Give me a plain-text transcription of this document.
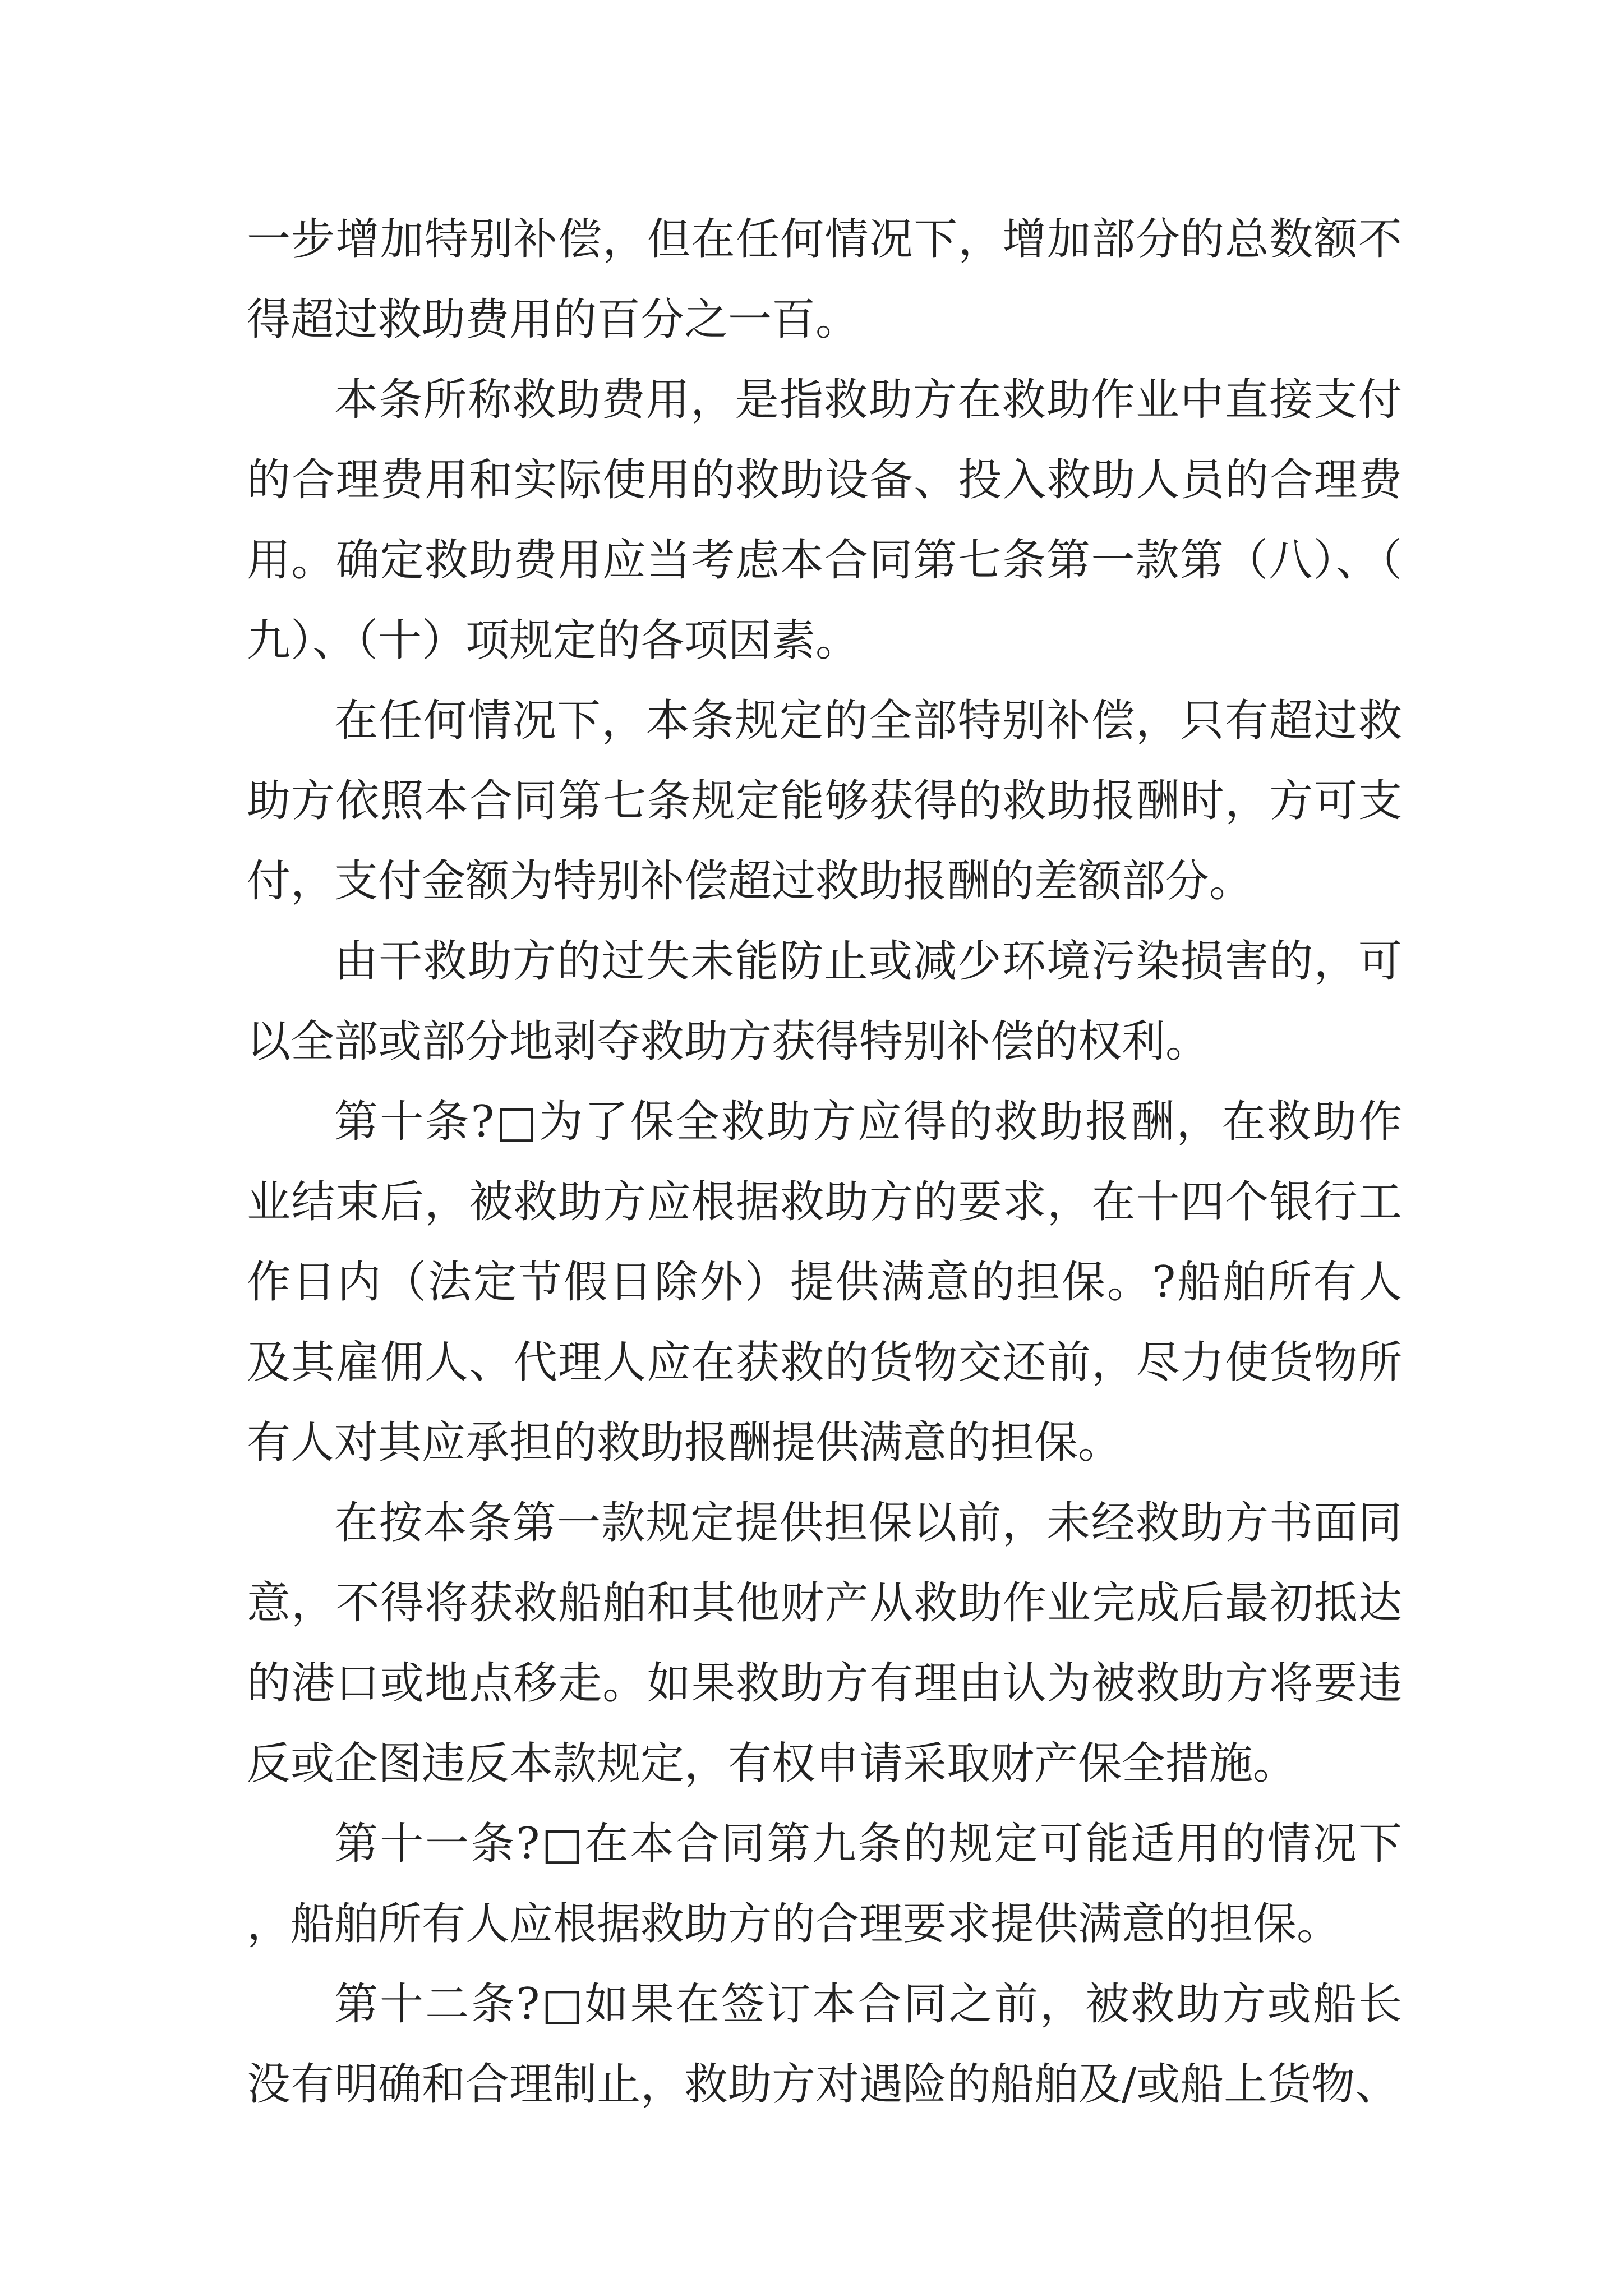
一步增加特别补偿，但在任何情况下，增加部分的总数额不得超过救助费用的百分之一百。

本条所称救助费用，是指救助方在救助作业中直接支付的合理费用和实际使用的救助设备、投入救助人员的合理费用。确定救助费用应当考虑本合同第七条第一款第（八）、（九）、（十）项规定的各项因素。

在任何情况下，本条规定的全部特别补偿，只有超过救助方依照本合同第七条规定能够获得的救助报酬时，方可支付，支付金额为特别补偿超过救助报酬的差额部分。

由干救助方的过失未能防止或减少环境污染损害的，可以全部或部分地剥夺救助方获得特别补偿的权利。

第十条?□为了保全救助方应得的救助报酬，在救助作业结束后，被救助方应根据救助方的要求，在十四个银行工作日内（法定节假日除外）提供满意的担保。?船舶所有人及其雇佣人、代理人应在获救的货物交还前，尽力使货物所有人对其应承担的救助报酬提供满意的担保。

在按本条第一款规定提供担保以前，未经救助方书面同意，不得将获救船舶和其他财产从救助作业完成后最初抵达的港口或地点移走。如果救助方有理由认为被救助方将要违反或企图违反本款规定，有权申请采取财产保全措施。

第十一条?□在本合同第九条的规定可能适用的情况下，船舶所有人应根据救助方的合理要求提供满意的担保。

第十二条?□如果在签订本合同之前，被救助方或船长没有明确和合理制止，救助方对遇险的船舶及/或船上货物、
